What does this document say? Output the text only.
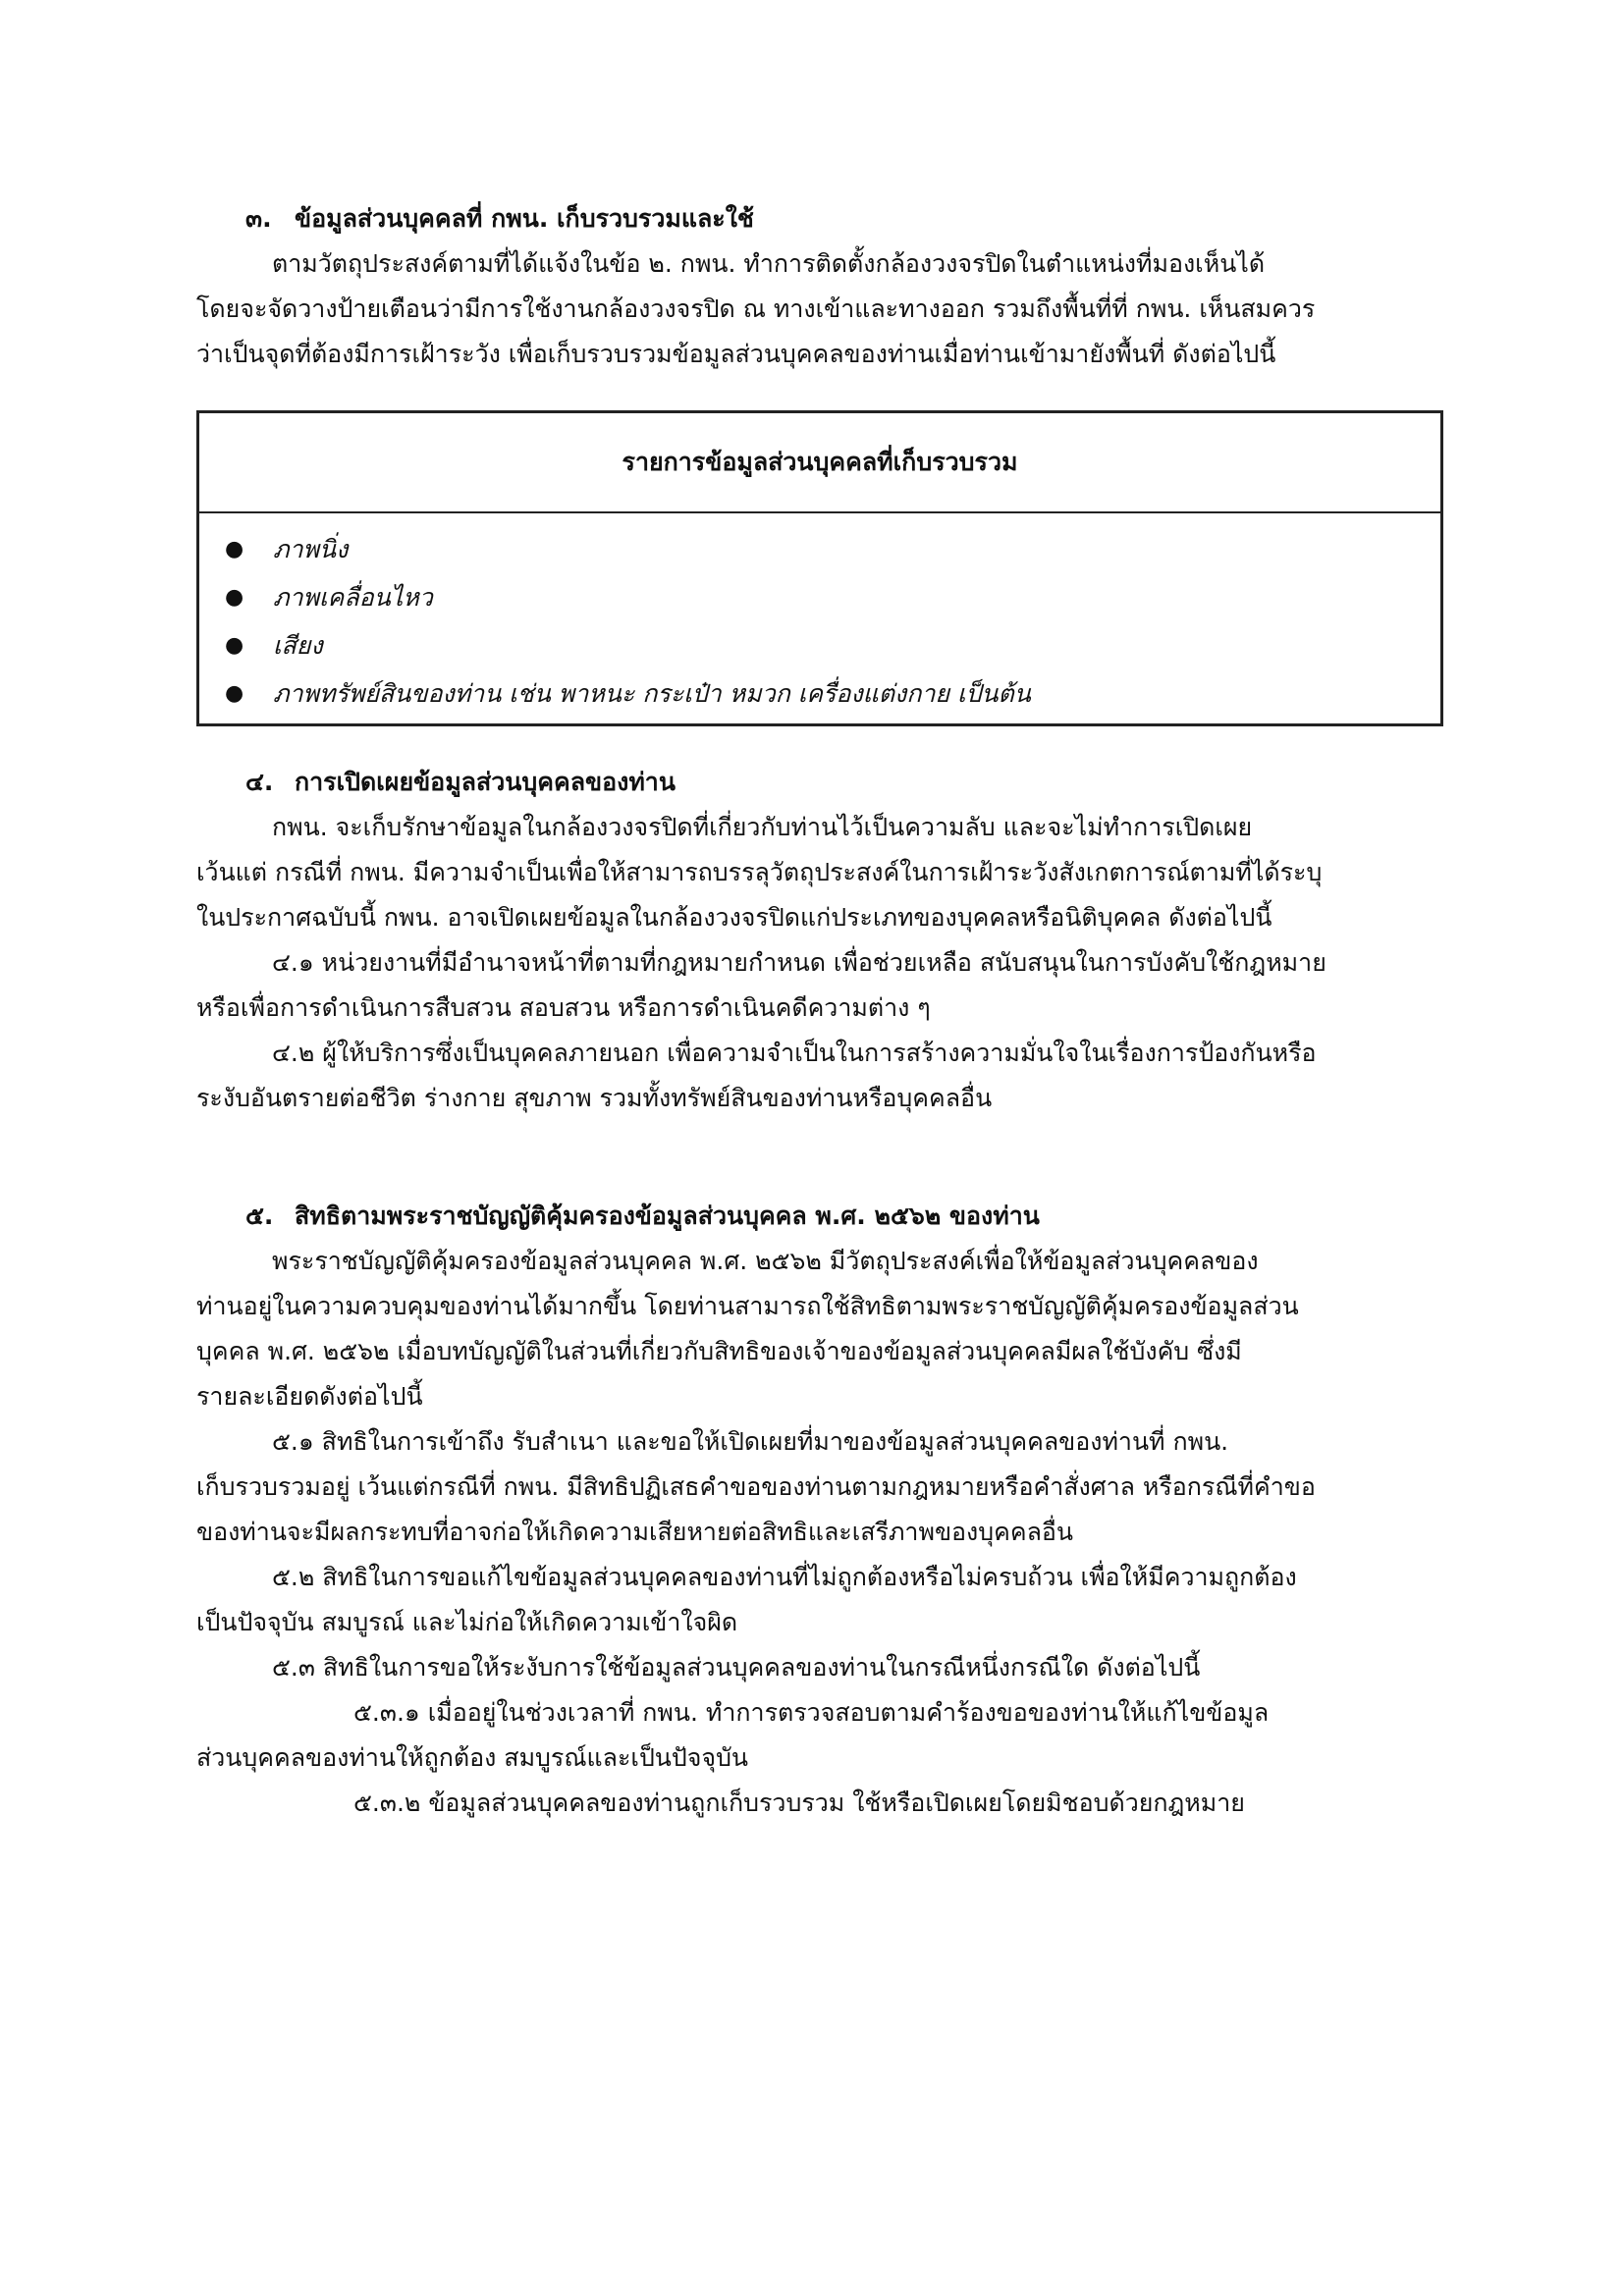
๓. ข้อมูลส่วนบุคคลที่ กพน. เก็บรวบรวมและใช้

ตามวัตถุประสงค์ตามที่ได้แจ้งในข้อ ๒. กพน. ทำการติดตั้งกล้องวงจรปิดในตำแหน่งที่มองเห็นได้

โดยจะจัดวางป้ายเตือนว่ามีการใช้งานกล้องวงจรปิด ณ ทางเข้าและทางออก รวมถึงพื้นที่ที่ กพน. เห็นสมควร

ว่าเป็นจุดที่ต้องมีการเฝ้าระวัง เพื่อเก็บรวบรวมข้อมูลส่วนบุคคลของท่านเมื่อท่านเข้ามายังพื้นที่ ดังต่อไปนี้

รายการข้อมูลส่วนบุคคลที่เก็บรวบรวม
● ภาพนิ่ง
● ภาพเคลื่อนไหว
● เสียง
● ภาพทรัพย์สินของท่าน เช่น พาหนะ กระเป๋า หมวก เครื่องแต่งกาย เป็นต้น

๔. การเปิดเผยข้อมูลส่วนบุคคลของท่าน

กพน. จะเก็บรักษาข้อมูลในกล้องวงจรปิดที่เกี่ยวกับท่านไว้เป็นความลับ และจะไม่ทำการเปิดเผย

เว้นแต่ กรณีที่ กพน. มีความจำเป็นเพื่อให้สามารถบรรลุวัตถุประสงค์ในการเฝ้าระวังสังเกตการณ์ตามที่ได้ระบุ

ในประกาศฉบับนี้ กพน. อาจเปิดเผยข้อมูลในกล้องวงจรปิดแก่ประเภทของบุคคลหรือนิติบุคคล ดังต่อไปนี้

๔.๑ หน่วยงานที่มีอำนาจหน้าที่ตามที่กฎหมายกำหนด เพื่อช่วยเหลือ สนับสนุนในการบังคับใช้กฎหมาย

หรือเพื่อการดำเนินการสืบสวน สอบสวน หรือการดำเนินคดีความต่าง ๆ

๔.๒ ผู้ให้บริการซึ่งเป็นบุคคลภายนอก เพื่อความจำเป็นในการสร้างความมั่นใจในเรื่องการป้องกันหรือ

ระงับอันตรายต่อชีวิต ร่างกาย สุขภาพ รวมทั้งทรัพย์สินของท่านหรือบุคคลอื่น

๕. สิทธิตามพระราชบัญญัติคุ้มครองข้อมูลส่วนบุคคล พ.ศ. ๒๕๖๒ ของท่าน

พระราชบัญญัติคุ้มครองข้อมูลส่วนบุคคล พ.ศ. ๒๕๖๒ มีวัตถุประสงค์เพื่อให้ข้อมูลส่วนบุคคลของ

ท่านอยู่ในความควบคุมของท่านได้มากขึ้น โดยท่านสามารถใช้สิทธิตามพระราชบัญญัติคุ้มครองข้อมูลส่วน

บุคคล พ.ศ. ๒๕๖๒ เมื่อบทบัญญัติในส่วนที่เกี่ยวกับสิทธิของเจ้าของข้อมูลส่วนบุคคลมีผลใช้บังคับ ซึ่งมี

รายละเอียดดังต่อไปนี้

๕.๑ สิทธิในการเข้าถึง รับสำเนา และขอให้เปิดเผยที่มาของข้อมูลส่วนบุคคลของท่านที่ กพน.

เก็บรวบรวมอยู่ เว้นแต่กรณีที่ กพน. มีสิทธิปฏิเสธคำขอของท่านตามกฎหมายหรือคำสั่งศาล หรือกรณีที่คำขอ

ของท่านจะมีผลกระทบที่อาจก่อให้เกิดความเสียหายต่อสิทธิและเสรีภาพของบุคคลอื่น

๕.๒ สิทธิในการขอแก้ไขข้อมูลส่วนบุคคลของท่านที่ไม่ถูกต้องหรือไม่ครบถ้วน เพื่อให้มีความถูกต้อง

เป็นปัจจุบัน สมบูรณ์ และไม่ก่อให้เกิดความเข้าใจผิด

๕.๓ สิทธิในการขอให้ระงับการใช้ข้อมูลส่วนบุคคลของท่านในกรณีหนึ่งกรณีใด ดังต่อไปนี้

๕.๓.๑ เมื่ออยู่ในช่วงเวลาที่ กพน. ทำการตรวจสอบตามคำร้องขอของท่านให้แก้ไขข้อมูล

ส่วนบุคคลของท่านให้ถูกต้อง สมบูรณ์และเป็นปัจจุบัน

๕.๓.๒ ข้อมูลส่วนบุคคลของท่านถูกเก็บรวบรวม ใช้หรือเปิดเผยโดยมิชอบด้วยกฎหมาย
